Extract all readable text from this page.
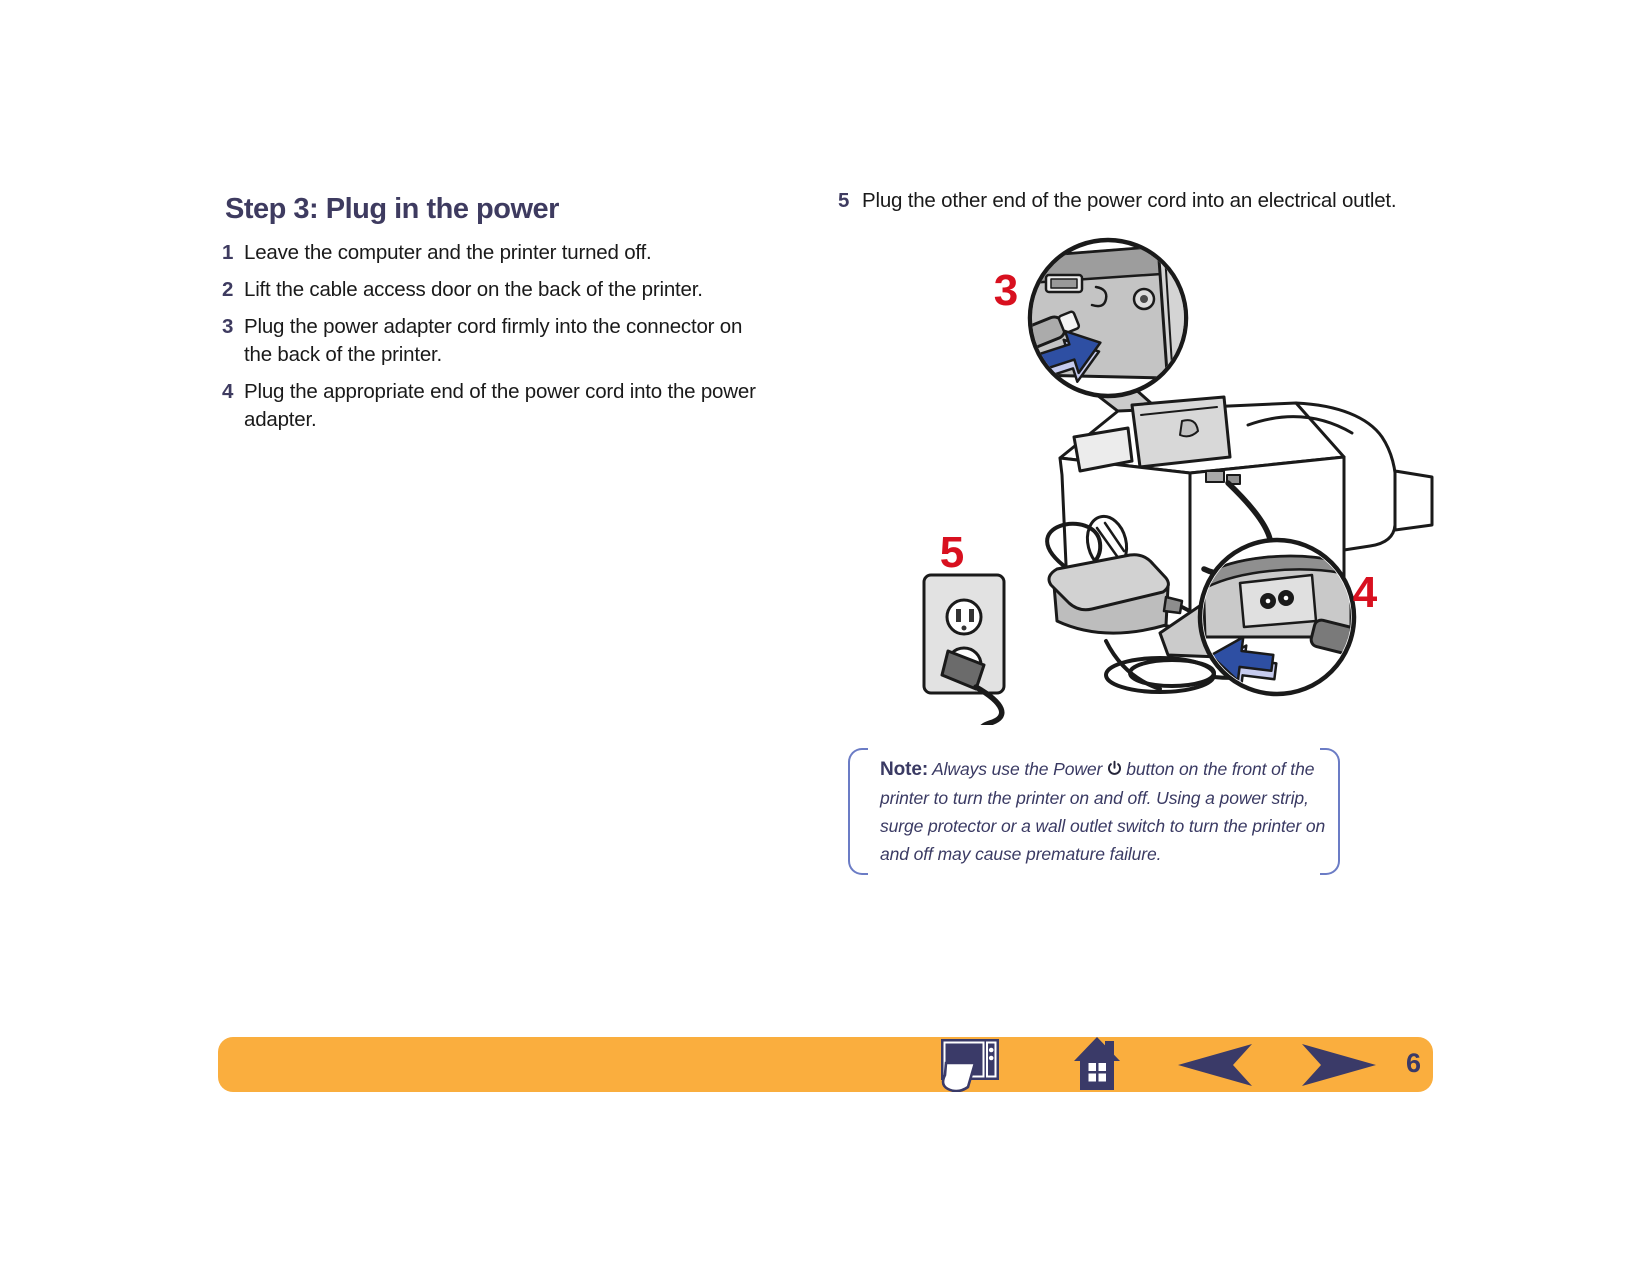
Step 3: Plug in the power
1 Leave the computer and the printer turned off.
2 Lift the cable access door on the back of the printer.
3 Plug the power adapter cord firmly into the connector on the back of the printer.
4 Plug the appropriate end of the power cord into the power adapter.
5 Plug the other end of the power cord into an electrical outlet.
3
5
4
Note: Always use the Power button on the front of the printer to turn the printer on and off. Using a power strip, surge protector or a wall outlet switch to turn the printer on and off may cause premature failure.
6
